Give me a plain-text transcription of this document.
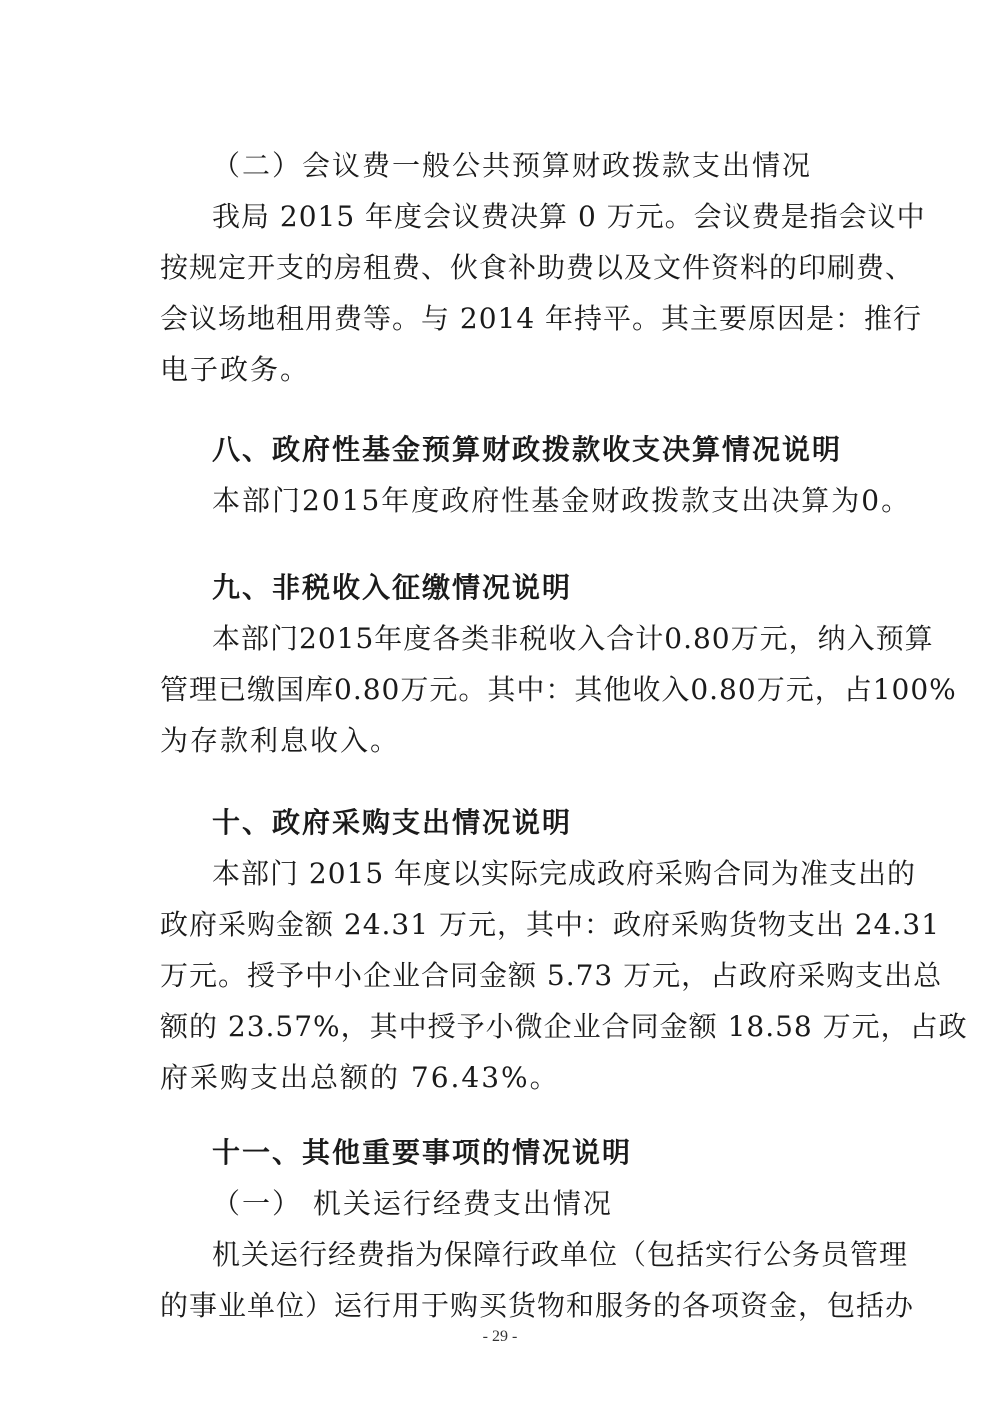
（二）会议费一般公共预算财政拨款支出情况
我局 2015 年度会议费决算 0 万元。会议费是指会议中
按规定开支的房租费、伙食补助费以及文件资料的印刷费、
会议场地租用费等。与 2014 年持平。其主要原因是：推行
电子政务。
八、政府性基金预算财政拨款收支决算情况说明
本部门2015年度政府性基金财政拨款支出决算为0。
九、非税收入征缴情况说明
本部门2015年度各类非税收入合计0.80万元，纳入预算
管理已缴国库0.80万元。其中：其他收入0.80万元，占100%
为存款利息收入。
十、政府采购支出情况说明
本部门 2015 年度以实际完成政府采购合同为准支出的
政府采购金额 24.31 万元，其中：政府采购货物支出 24.31
万元。授予中小企业合同金额 5.73 万元，占政府采购支出总
额的 23.57%，其中授予小微企业合同金额 18.58 万元，占政
府采购支出总额的 76.43%。
十一、其他重要事项的情况说明
（一） 机关运行经费支出情况
机关运行经费指为保障行政单位（包括实行公务员管理
的事业单位）运行用于购买货物和服务的各项资金，包括办
- 29 -
